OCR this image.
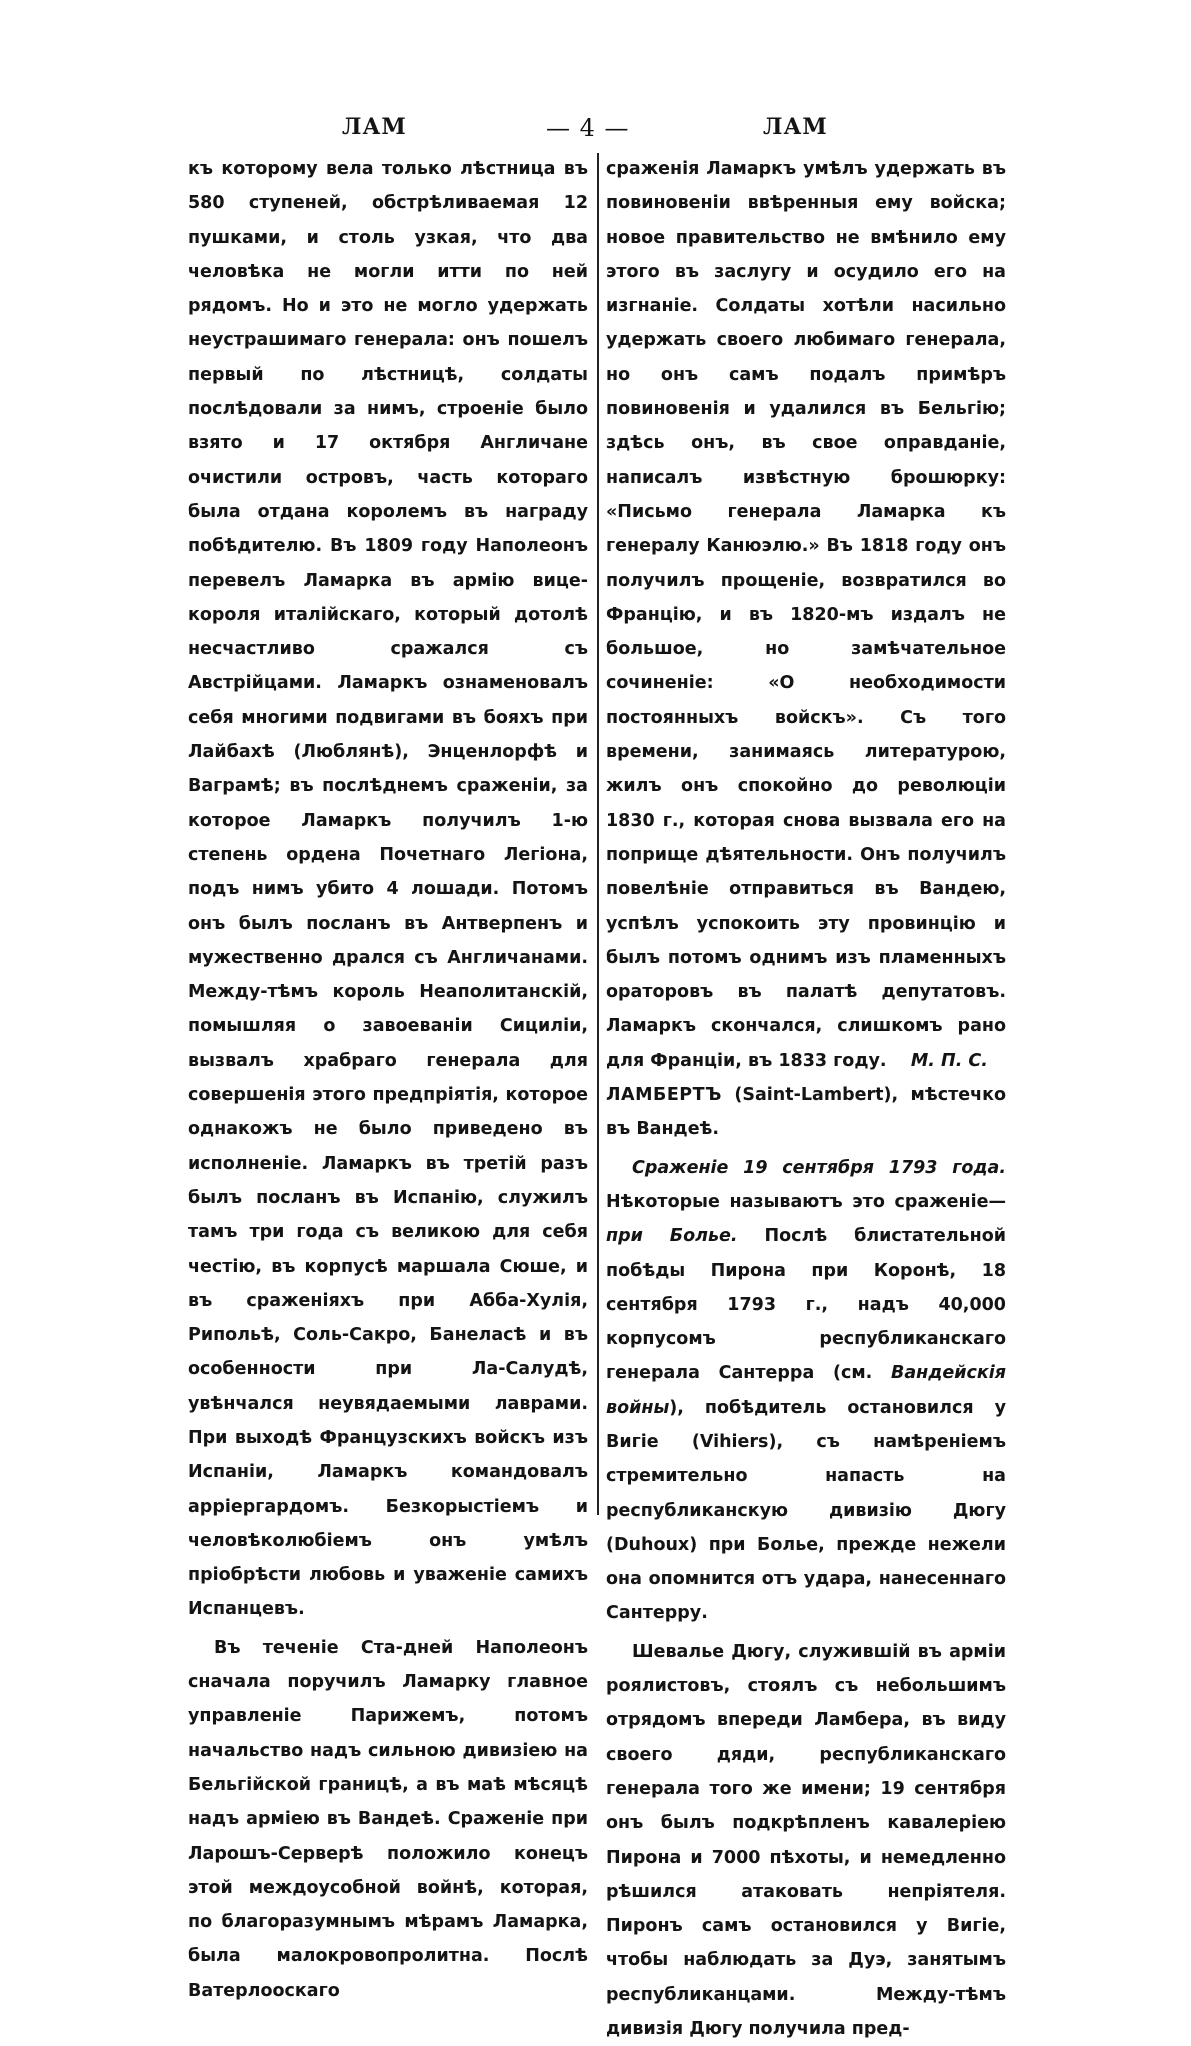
ЛАМ	— 4 —	ЛАМ

къ которому вела только лѣстница въ 580 ступеней, обстрѣливаемая 12 пушками, и столь узкая, что два человѣка не могли итти по ней рядомъ. Но и это не могло удержать неустрашимаго генерала: онъ пошелъ первый по лѣстницѣ, солдаты послѣдовали за нимъ, строеніе было взято и 17 октября Англичане очистили островъ, часть котораго была отдана королемъ въ награду побѣдителю. Въ 1809 году Наполеонъ перевелъ Ламарка въ армію вице-короля италійскаго, который дотолѣ несчастливо сражался съ Австрійцами. Ламаркъ ознаменовалъ себя многими подвигами въ бояхъ при Лайбахѣ (Люблянѣ), Энценлорфѣ и Ваграмѣ; въ послѣднемъ сраженіи, за которое Ламаркъ получилъ 1-ю степень ордена Почетнаго Легіона, подъ нимъ убито 4 лошади. Потомъ онъ былъ посланъ въ Антверпенъ и мужественно дрался съ Англичанами. Между-тѣмъ король Неаполитанскій, помышляя о завоеваніи Сициліи, вызвалъ храбраго генерала для совершенія этого предпріятія, которое однакожъ не было приведено въ исполненіе. Ламаркъ въ третій разъ былъ посланъ въ Испанію, служилъ тамъ три года съ великою для себя честію, въ корпусѣ маршала Сюше, и въ сраженіяхъ при Абба-Хулія, Рипольѣ, Соль-Сакро, Банеласѣ и въ особенности при Ла-Салудѣ, увѣнчался неувядаемыми лаврами. При выходѣ Французскихъ войскъ изъ Испаніи, Ламаркъ командовалъ арріергардомъ. Безкорыстіемъ и человѣколюбіемъ онъ умѣлъ пріобрѣсти любовь и уваженіе самихъ Испанцевъ.

Въ теченіе Ста-дней Наполеонъ сначала поручилъ Ламарку главное управленіе Парижемъ, потомъ начальство надъ сильною дивизіею на Бельгійской границѣ, а въ маѣ мѣсяцѣ надъ арміею въ Вандеѣ. Сраженіе при Ларошъ-Серверѣ положило конецъ этой междоусобной войнѣ, которая, по благоразумнымъ мѣрамъ Ламарка, была малокровопролитна. Послѣ Ватерлооскаго

сраженія Ламаркъ умѣлъ удержать въ повиновеніи ввѣренныя ему войска; новое правительство не вмѣнило ему этого въ заслугу и осудило его на изгнаніе. Солдаты хотѣли насильно удержать своего любимаго генерала, но онъ самъ подалъ примѣръ повиновенія и удалился въ Бельгію; здѣсь онъ, въ свое оправданіе, написалъ извѣстную брошюрку: «Письмо генерала Ламарка къ генералу Канюэлю.» Въ 1818 году онъ получилъ прощеніе, возвратился во Францію, и въ 1820-мъ издалъ не большое, но замѣчательное сочиненіе: «О необходимости постоянныхъ войскъ». Съ того времени, занимаясь литературою, жилъ онъ спокойно до революціи 1830 г., которая снова вызвала его на поприще дѣятельности. Онъ получилъ повелѣніе отправиться въ Вандею, успѣлъ успокоить эту провинцію и былъ потомъ однимъ изъ пламенныхъ ораторовъ въ палатѣ депутатовъ. Ламаркъ скончался, слишкомъ рано для Франціи, въ 1833 году. М. П. С.

ЛАМБЕРТЪ (Saint-Lambert), мѣстечко въ Вандеѣ.

Сраженіе 19 сентября 1793 года. Нѣкоторые называютъ это сраженіе—при Больe. Послѣ блистательной побѣды Пирона при Коронѣ, 18 сентября 1793 г., надъ 40,000 корпусомъ республиканскаго генерала Сантерра (см. Вандейскія войны), побѣдитель остановился у Вигіе (Vihiers), съ намѣреніемъ стремительно напасть на республиканскую дивизію Дюгу (Duhoux) при Больe, прежде нежели она опомнится отъ удара, нанесеннаго Сантерру.

Шевалье Дюгу, служившій въ арміи роялистовъ, стоялъ съ небольшимъ отрядомъ впереди Ламбера, въ виду своего дяди, республиканскаго генерала того же имени; 19 сентября онъ былъ подкрѣпленъ кавалеріею Пирона и 7000 пѣхоты, и немедленно рѣшился атаковать непріятеля. Пиронъ самъ остановился у Вигіе, чтобы наблюдать за Дуэ, занятымъ республиканцами. Между-тѣмъ дивизія Дюгу получила пред-
